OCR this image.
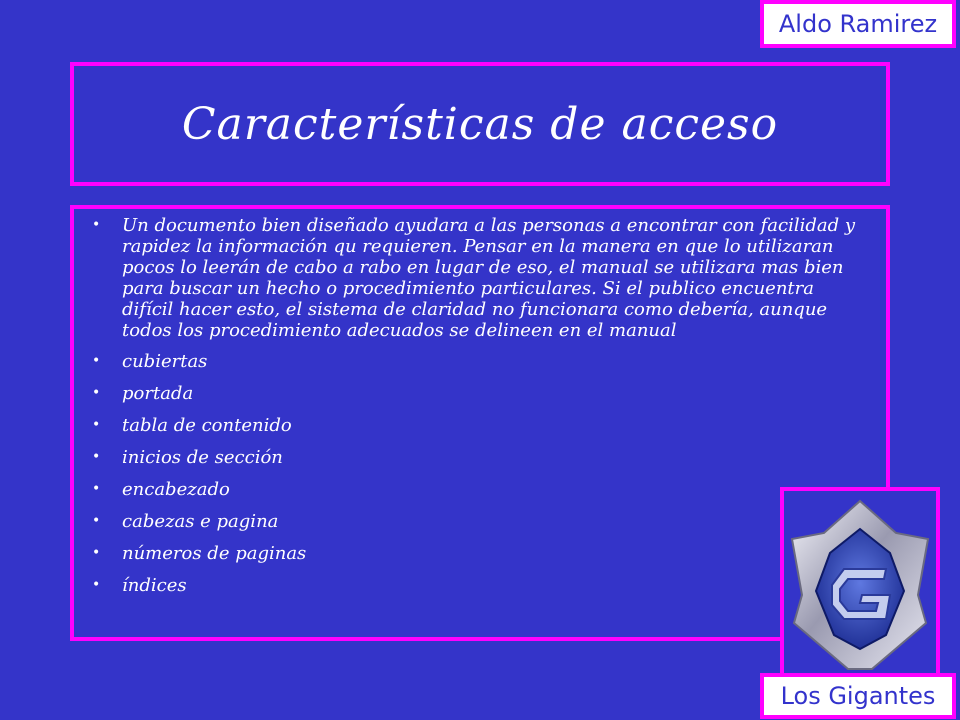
Aldo Ramirez
Características de acceso
• Un documento bien diseñado ayudara a las personas a encontrar con facilidad y rapidez la información qu requieren. Pensar en la manera en que lo utilizaran pocos lo leerán de cabo a rabo en lugar de eso, el manual se utilizara mas bien para buscar un hecho o procedimiento particulares. Si el publico encuentra difícil hacer esto, el sistema de claridad no funcionara como debería, aunque todos los procedimiento adecuados se delineen en el manual
• cubiertas
• portada
• tabla de contenido
• inicios de sección
• encabezado
• cabezas e pagina
• números de paginas
• índices
Los Gigantes
